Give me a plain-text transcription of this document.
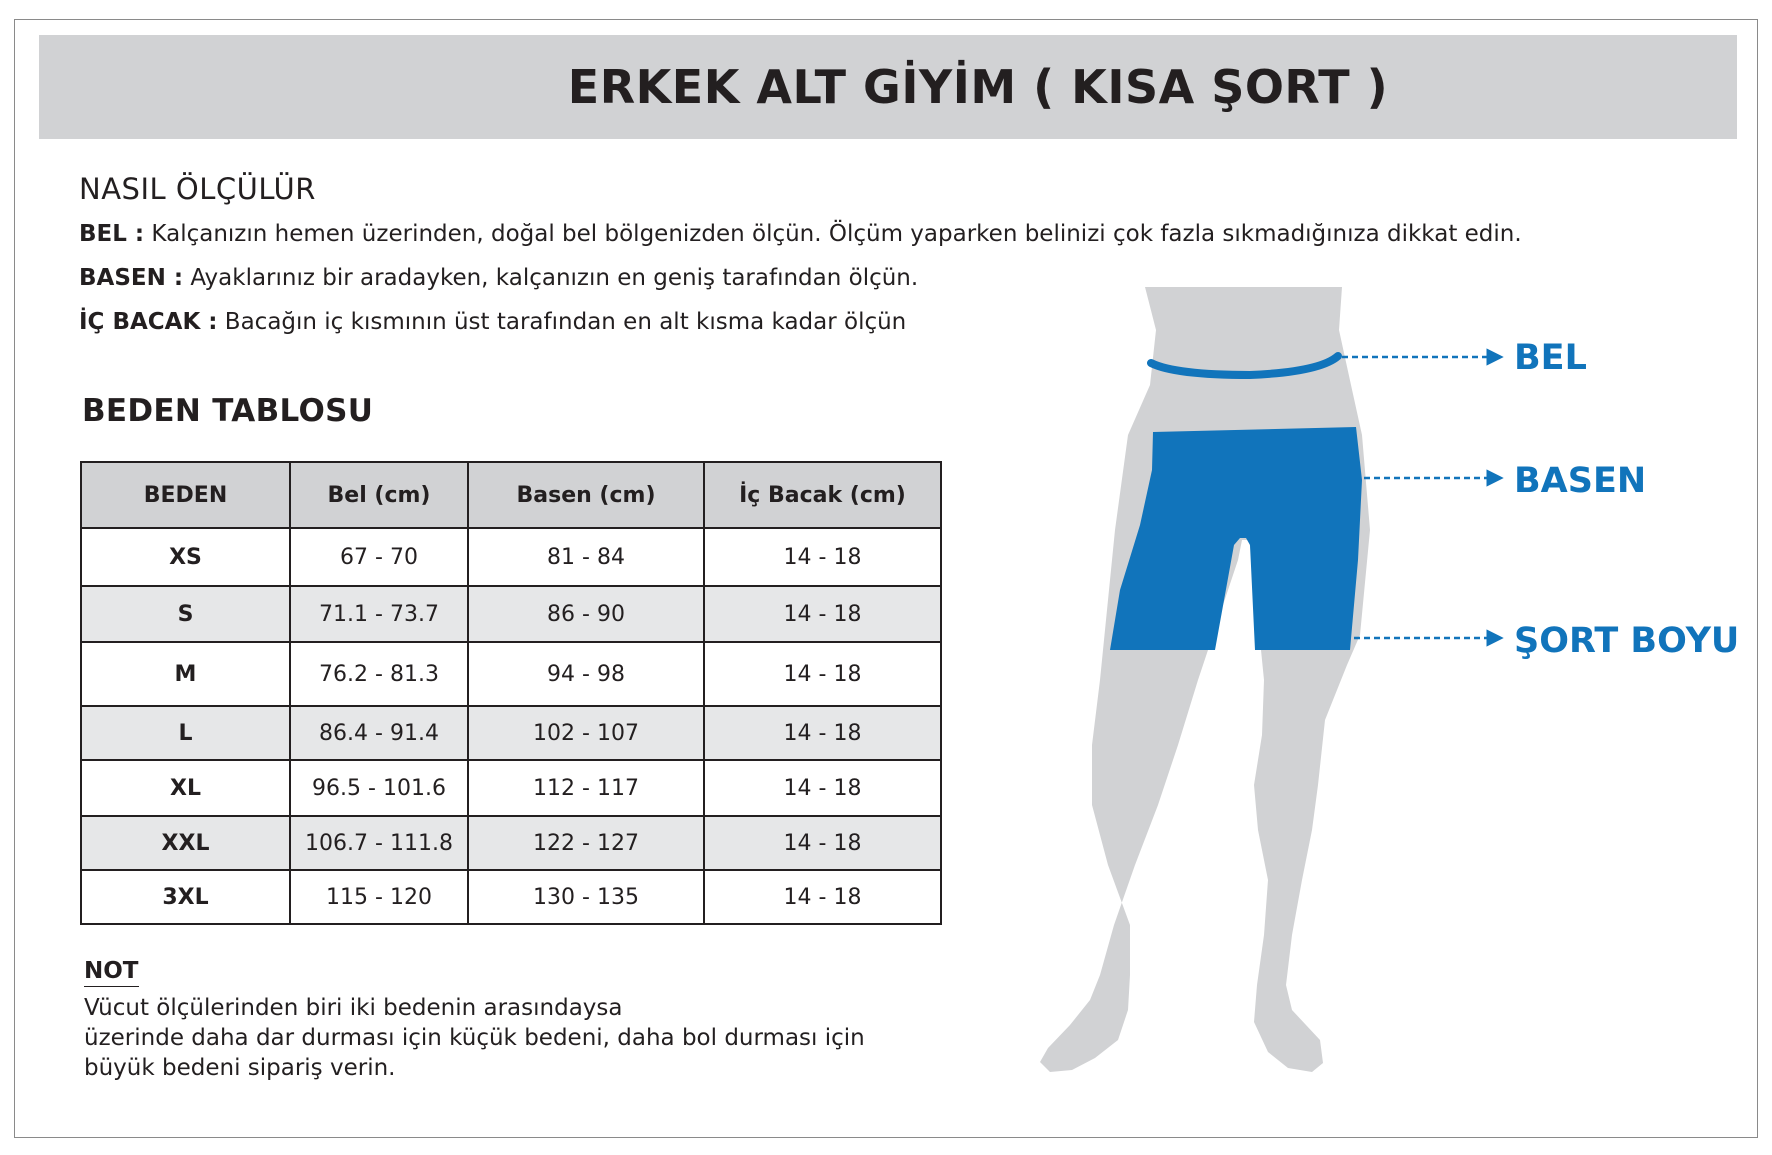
ERKEK ALT GİYİM ( KISA ŞORT )
NASIL ÖLÇÜLÜR
BEL : Kalçanızın hemen üzerinden, doğal bel bölgenizden ölçün. Ölçüm yaparken belinizi çok fazla sıkmadığınıza dikkat edin.
BASEN : Ayaklarınız bir aradayken, kalçanızın en geniş tarafından ölçün.
İÇ BACAK : Bacağın iç kısmının üst tarafından en alt kısma kadar ölçün
BEDEN TABLOSU
BEDEN	Bel (cm)	Basen (cm)	İç Bacak (cm)
XS	67 - 70	81 - 84	14 - 18
S	71.1 - 73.7	86 - 90	14 - 18
M	76.2 - 81.3	94 - 98	14 - 18
L	86.4 - 91.4	102 - 107	14 - 18
XL	96.5 - 101.6	112 - 117	14 - 18
XXL	106.7 - 111.8	122 - 127	14 - 18
3XL	115 - 120	130 - 135	14 - 18
NOT
Vücut ölçülerinden biri iki bedenin arasındaysa
üzerinde daha dar durması için küçük bedeni, daha bol durması için
büyük bedeni sipariş verin.
BEL
BASEN
ŞORT BOYU
